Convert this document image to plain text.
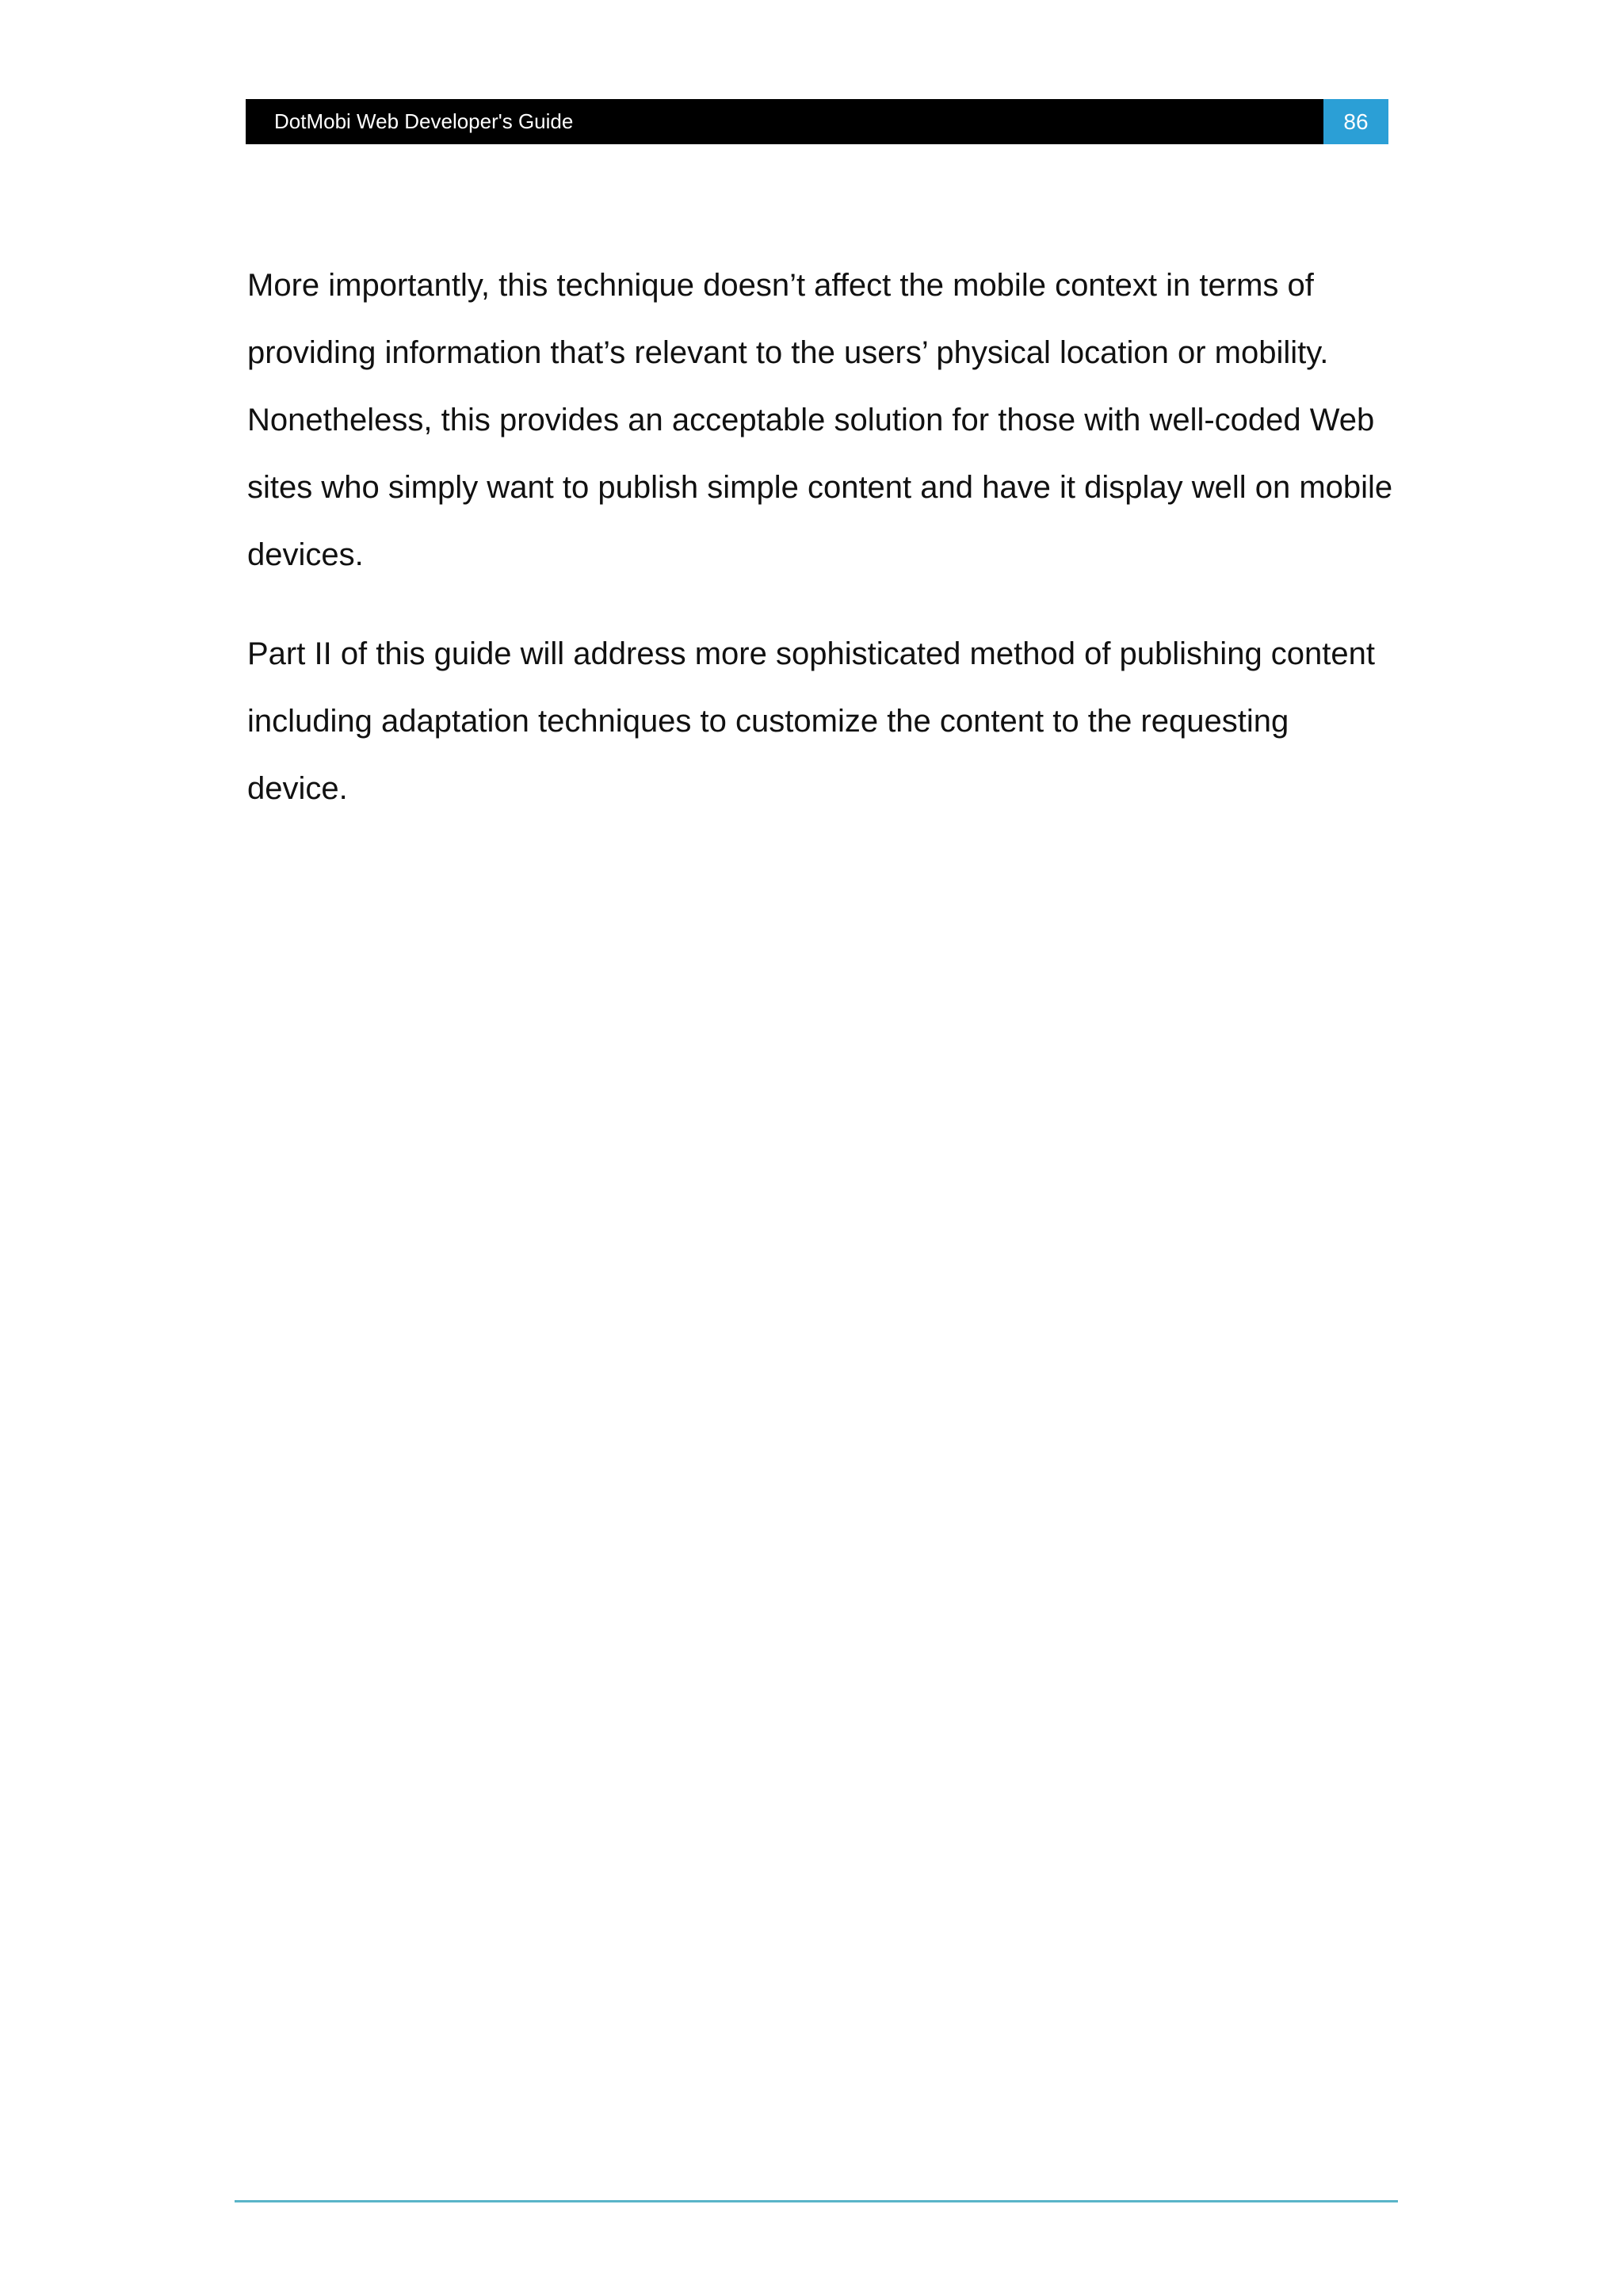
DotMobi Web Developer's Guide	86

More importantly, this technique doesn’t affect the mobile context in terms of providing information that’s relevant to the users’ physical location or mobility. Nonetheless, this provides an acceptable solution for those with well-coded Web sites who simply want to publish simple content and have it display well on mobile devices.

Part II of this guide will address more sophisticated method of publishing content including adaptation techniques to customize the content to the requesting device.
